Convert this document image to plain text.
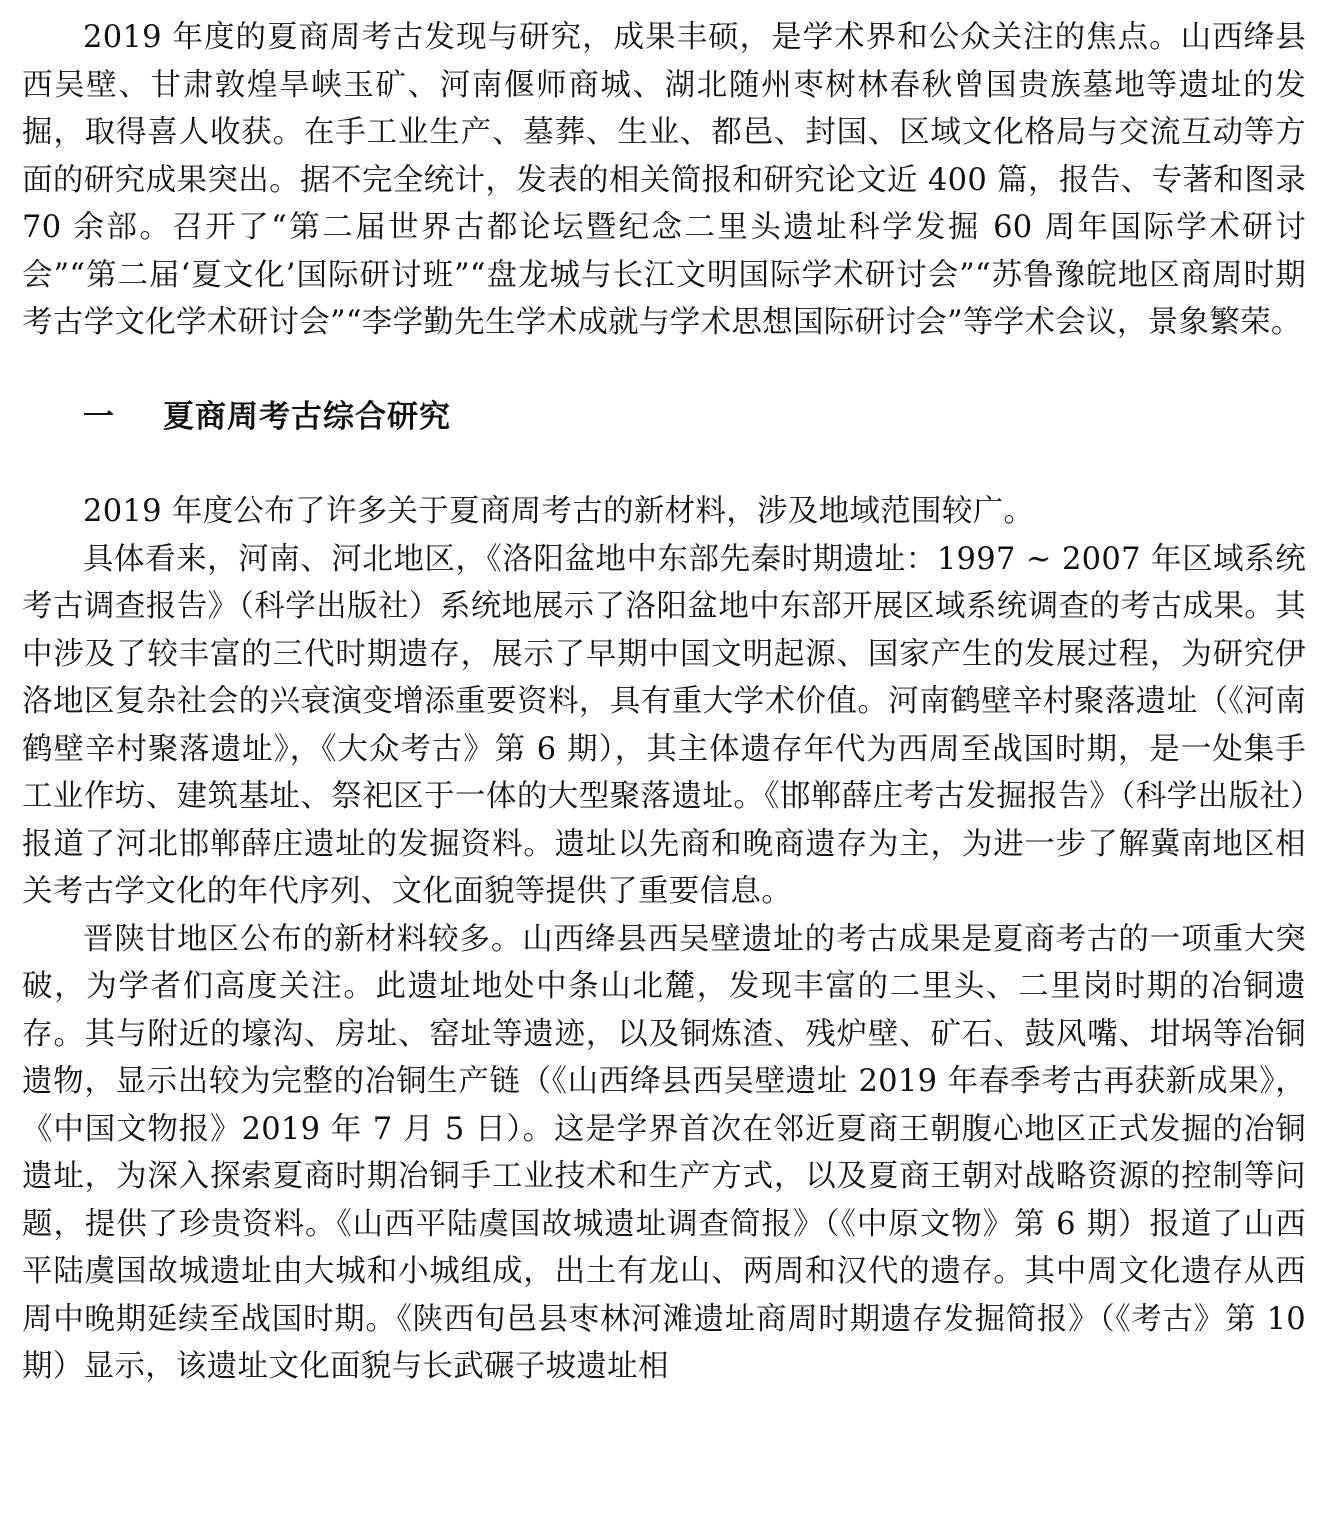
2019 年度的夏商周考古发现与研究，成果丰硕，是学术界和公众关注的焦点。山西绛县西吴壁、甘肃敦煌旱峡玉矿、河南偃师商城、湖北随州枣树林春秋曾国贵族墓地等遗址的发掘，取得喜人收获。在手工业生产、墓葬、生业、都邑、封国、区域文化格局与交流互动等方面的研究成果突出。据不完全统计，发表的相关简报和研究论文近 400 篇，报告、专著和图录 70 余部。召开了“第二届世界古都论坛暨纪念二里头遗址科学发掘 60 周年国际学术研讨会”“第二届‘夏文化’国际研讨班”“盘龙城与长江文明国际学术研讨会”“苏鲁豫皖地区商周时期考古学文化学术研讨会”“李学勤先生学术成就与学术思想国际研讨会”等学术会议，景象繁荣。

一 夏商周考古综合研究

2019 年度公布了许多关于夏商周考古的新材料，涉及地域范围较广。

具体看来，河南、河北地区，《洛阳盆地中东部先秦时期遗址：1997 ~ 2007 年区域系统考古调查报告》（科学出版社）系统地展示了洛阳盆地中东部开展区域系统调查的考古成果。其中涉及了较丰富的三代时期遗存，展示了早期中国文明起源、国家产生的发展过程，为研究伊洛地区复杂社会的兴衰演变增添重要资料，具有重大学术价值。河南鹤壁辛村聚落遗址（《河南鹤壁辛村聚落遗址》，《大众考古》第 6 期），其主体遗存年代为西周至战国时期，是一处集手工业作坊、建筑基址、祭祀区于一体的大型聚落遗址。《邯郸薛庄考古发掘报告》（科学出版社）报道了河北邯郸薛庄遗址的发掘资料。遗址以先商和晚商遗存为主，为进一步了解冀南地区相关考古学文化的年代序列、文化面貌等提供了重要信息。

晋陕甘地区公布的新材料较多。山西绛县西吴壁遗址的考古成果是夏商考古的一项重大突破，为学者们高度关注。此遗址地处中条山北麓，发现丰富的二里头、二里岗时期的冶铜遗存。其与附近的壕沟、房址、窑址等遗迹，以及铜炼渣、残炉壁、矿石、鼓风嘴、坩埚等冶铜遗物，显示出较为完整的冶铜生产链（《山西绛县西吴壁遗址 2019 年春季考古再获新成果》，《中国文物报》2019 年 7 月 5 日）。这是学界首次在邻近夏商王朝腹心地区正式发掘的冶铜遗址，为深入探索夏商时期冶铜手工业技术和生产方式，以及夏商王朝对战略资源的控制等问题，提供了珍贵资料。《山西平陆虞国故城遗址调查简报》（《中原文物》第 6 期）报道了山西平陆虞国故城遗址由大城和小城组成，出土有龙山、两周和汉代的遗存。其中周文化遗存从西周中晚期延续至战国时期。《陕西旬邑县枣林河滩遗址商周时期遗存发掘简报》（《考古》第 10 期）显示，该遗址文化面貌与长武碾子坡遗址相
